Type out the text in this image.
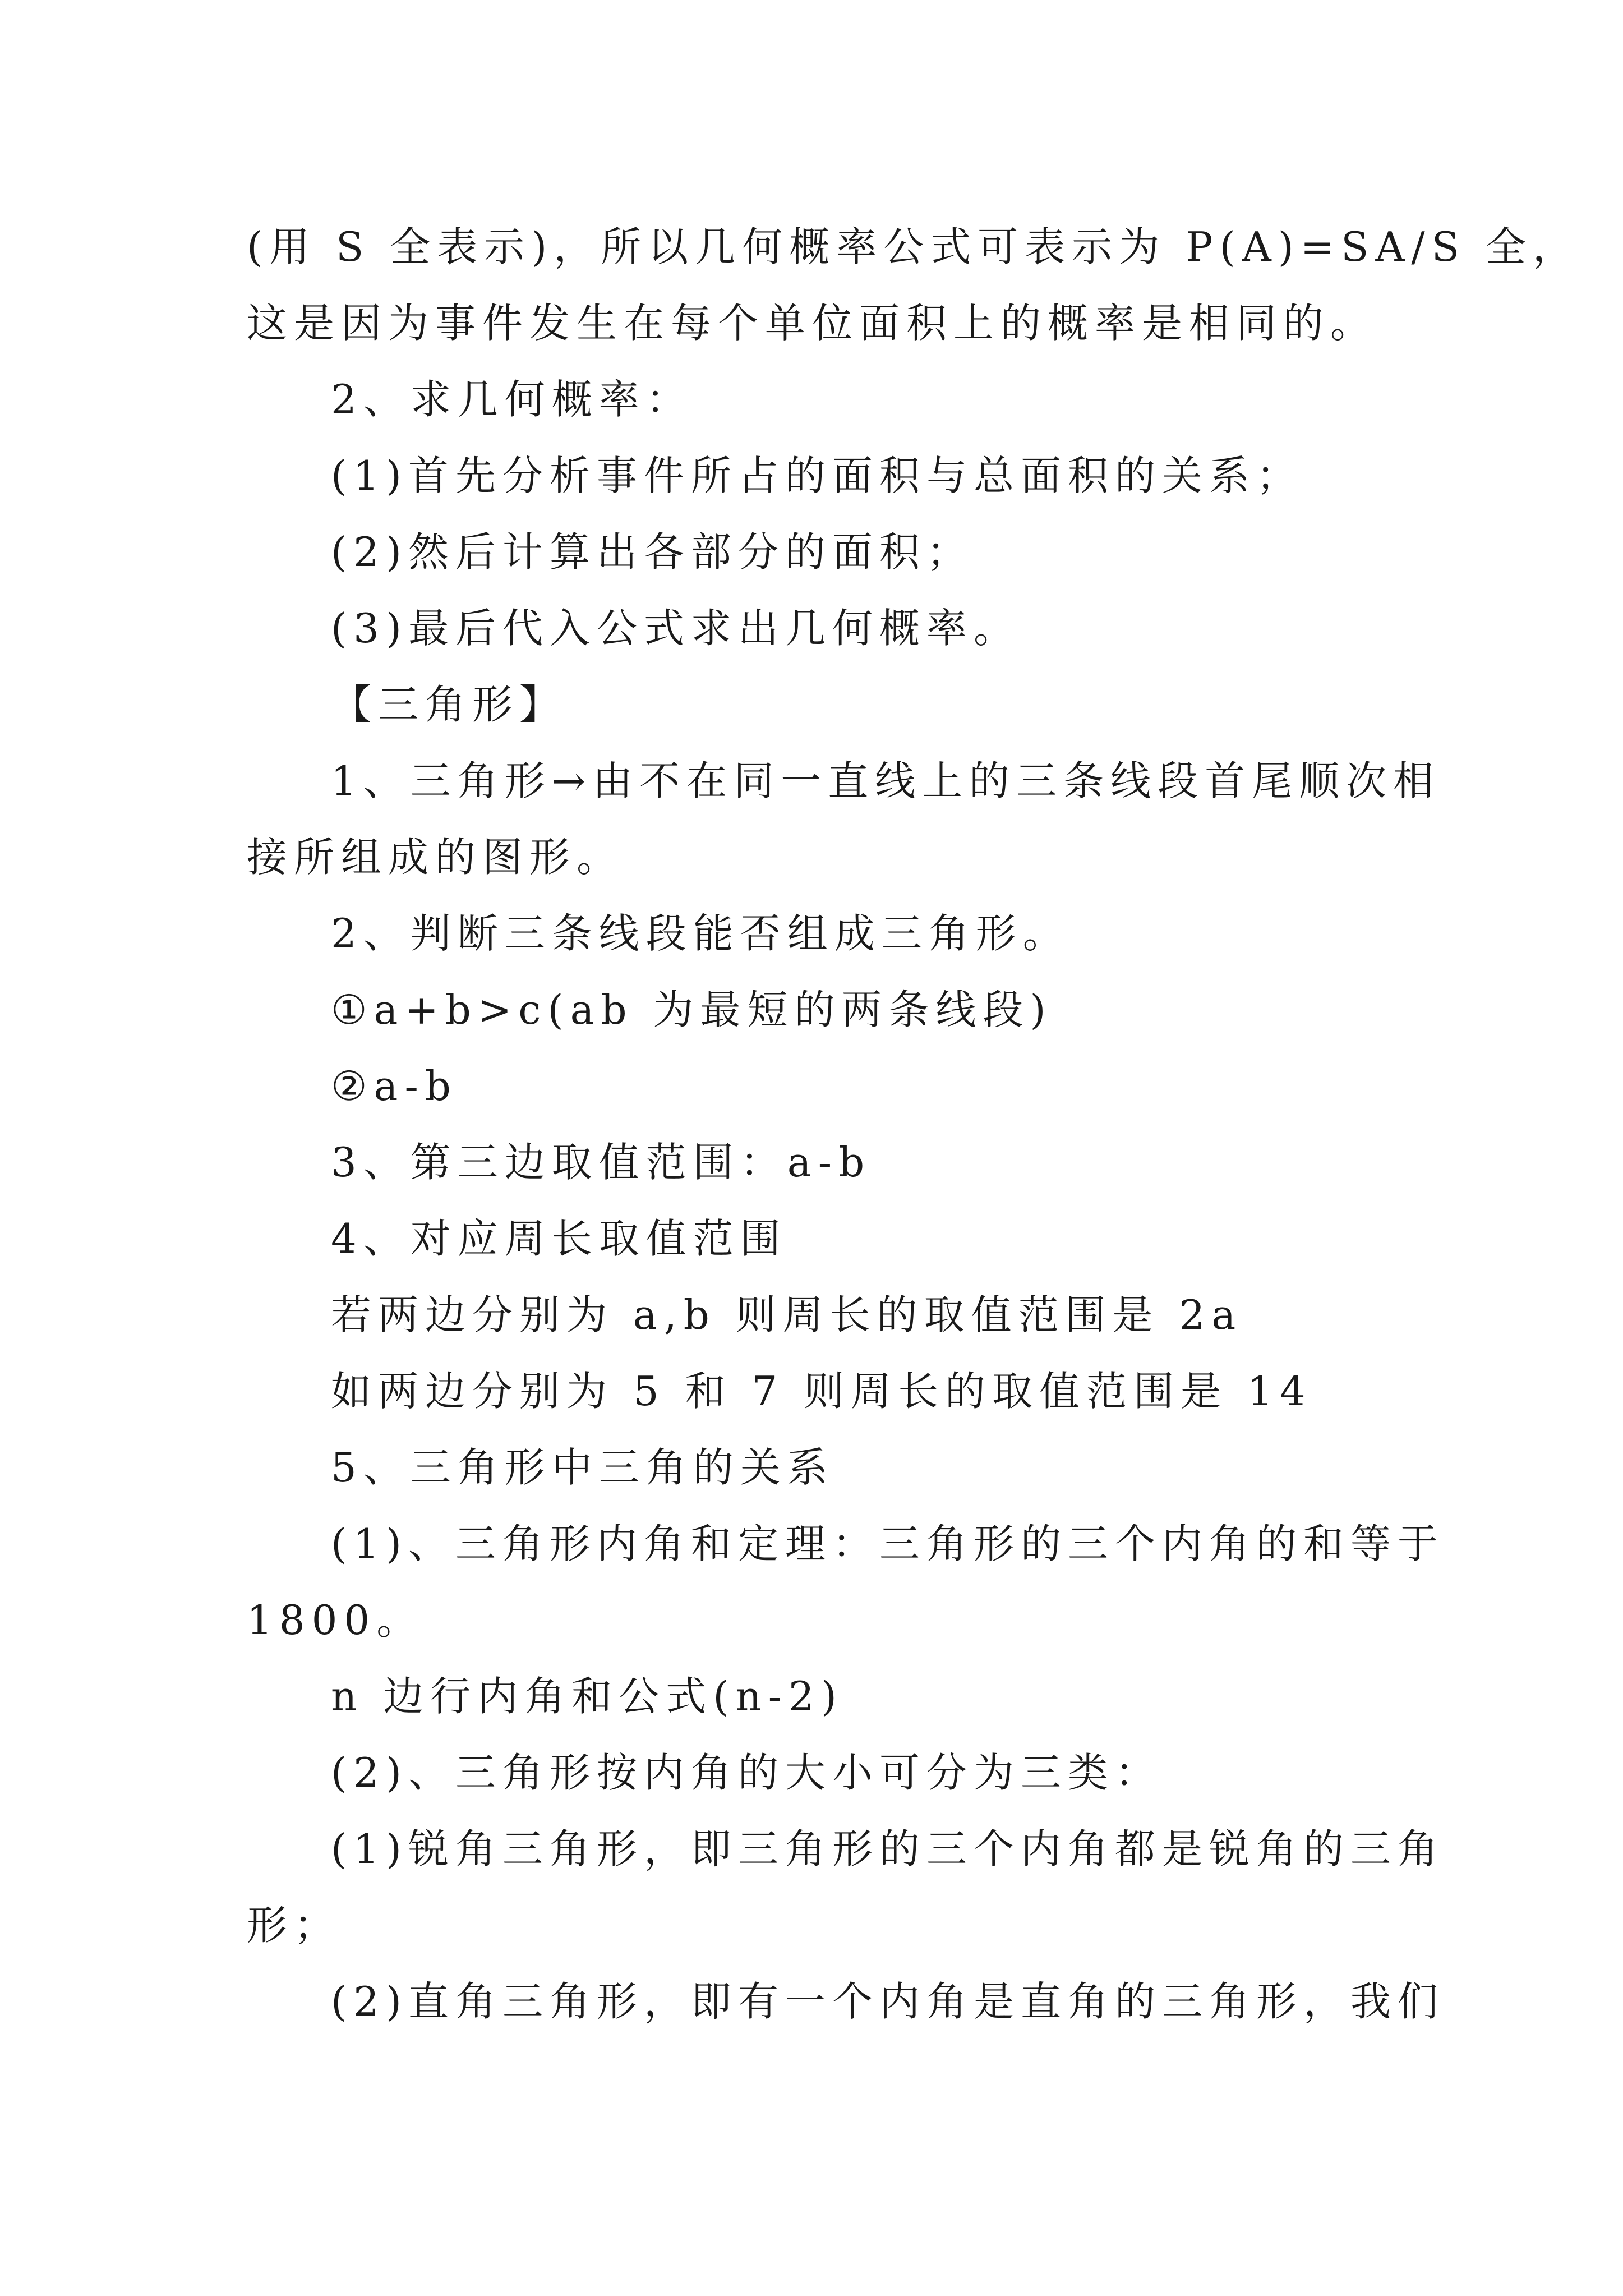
(用 S 全表示)，所以几何概率公式可表示为 P(A)=SA/S 全，
这是因为事件发生在每个单位面积上的概率是相同的。
2、求几何概率：
(1)首先分析事件所占的面积与总面积的关系；
(2)然后计算出各部分的面积；
(3)最后代入公式求出几何概率。
【三角形】
1、三角形→由不在同一直线上的三条线段首尾顺次相
接所组成的图形。
2、判断三条线段能否组成三角形。
①a+b>c(ab 为最短的两条线段)
②a-b
3、第三边取值范围：a-b
4、对应周长取值范围
若两边分别为 a,b 则周长的取值范围是 2a
如两边分别为 5 和 7 则周长的取值范围是 14
5、三角形中三角的关系
(1)、三角形内角和定理：三角形的三个内角的和等于
1800。
n 边行内角和公式(n-2)
(2)、三角形按内角的大小可分为三类：
(1)锐角三角形，即三角形的三个内角都是锐角的三角
形；
(2)直角三角形，即有一个内角是直角的三角形，我们
